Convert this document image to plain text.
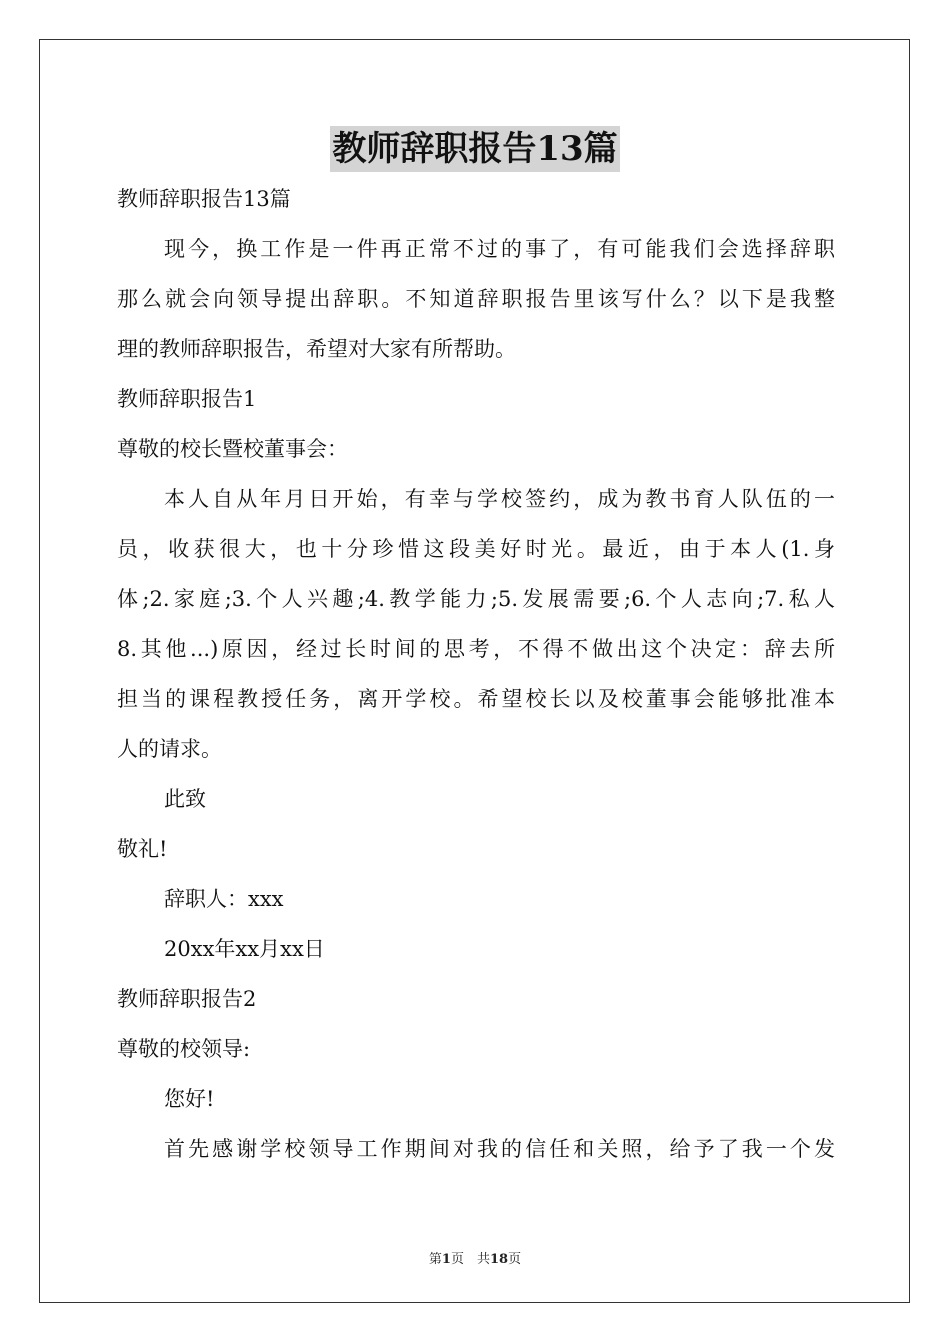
教师辞职报告13篇
教师辞职报告13篇
现今，换工作是一件再正常不过的事了，有可能我们会选择辞职
那么就会向领导提出辞职。不知道辞职报告里该写什么？以下是我整
理的教师辞职报告，希望对大家有所帮助。
教师辞职报告1
尊敬的校长暨校董事会：
本人自从年月日开始，有幸与学校签约，成为教书育人队伍的一
员，收获很大，也十分珍惜这段美好时光。最近，由于本人(1.身
体;2.家庭;3.个人兴趣;4.教学能力;5.发展需要;6.个人志向;7.私人
8.其他...)原因，经过长时间的思考，不得不做出这个决定：辞去所
担当的课程教授任务，离开学校。希望校长以及校董事会能够批准本
人的请求。
此致
敬礼!
辞职人：xxx
20xx年xx月xx日
教师辞职报告2
尊敬的校领导:
您好!
首先感谢学校领导工作期间对我的信任和关照，给予了我一个发
第1页　共18页
